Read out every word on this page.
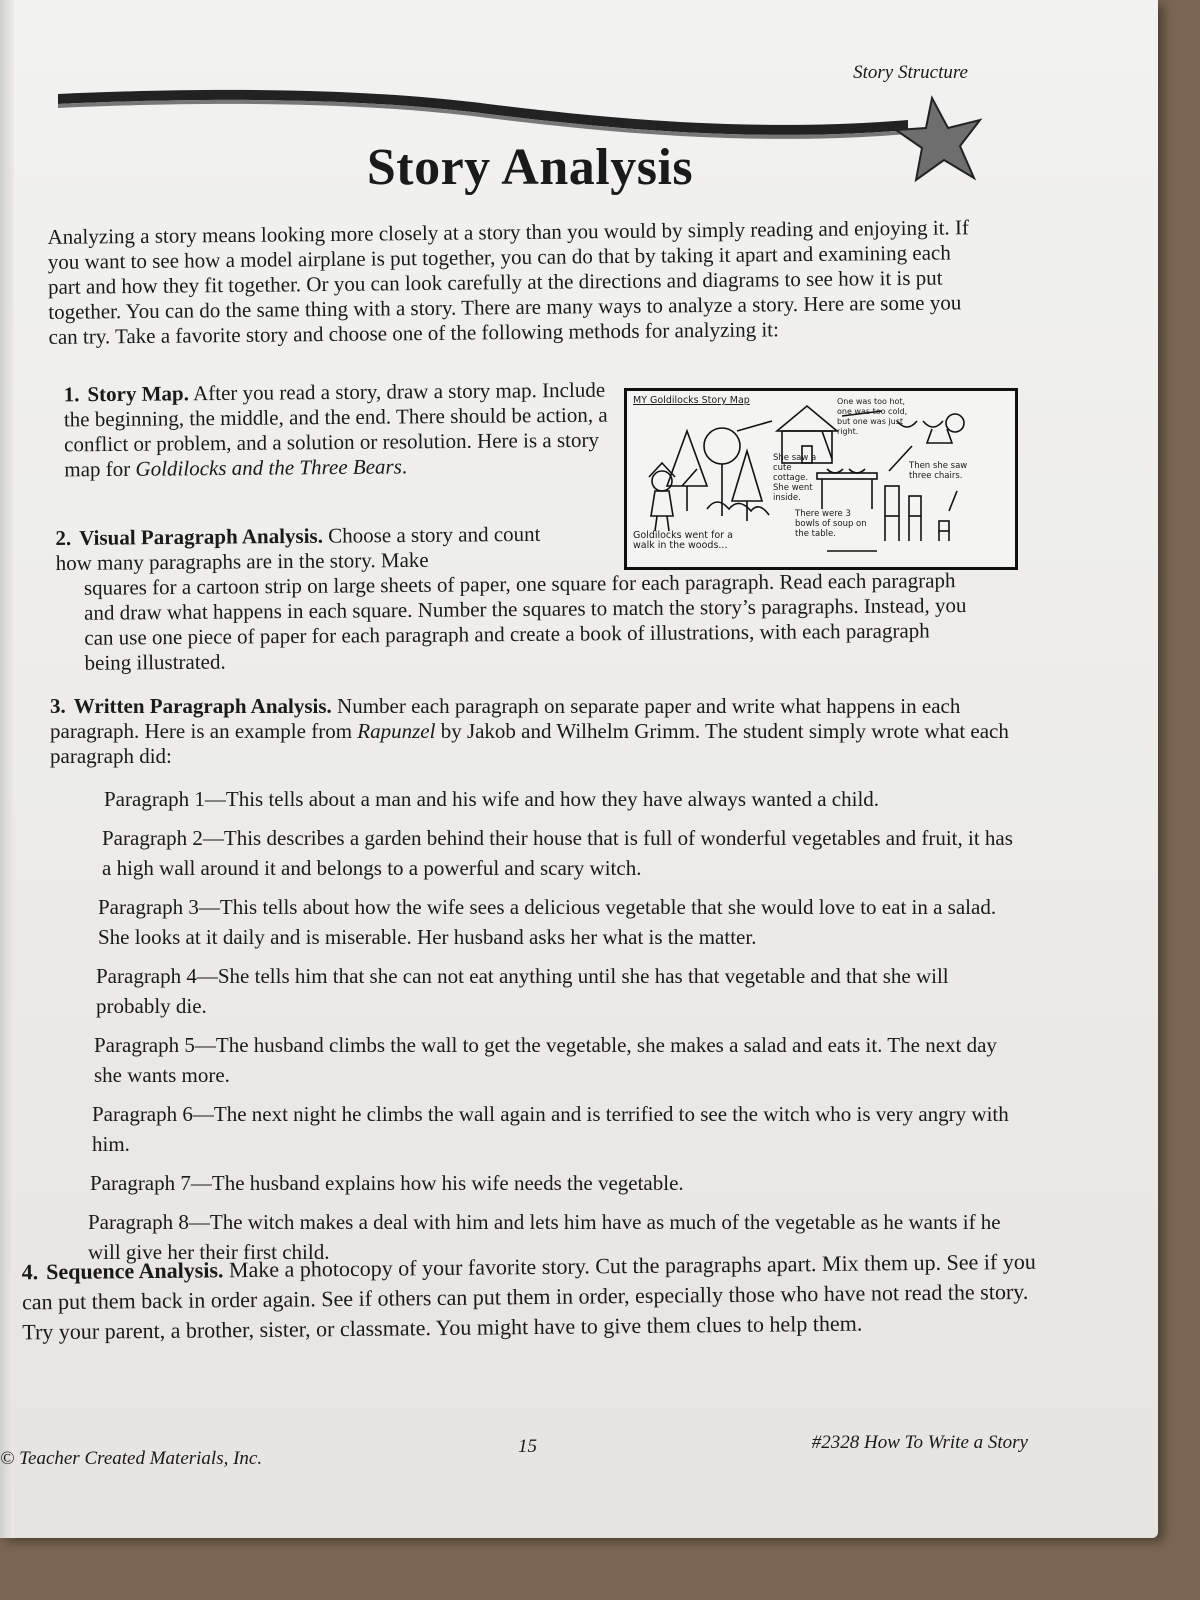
Story Structure
Story Analysis
Analyzing a story means looking more closely at a story than you would by simply reading and enjoying it. If you want to see how a model airplane is put together, you can do that by taking it apart and examining each part and how they fit together. Or you can look carefully at the directions and diagrams to see how it is put together. You can do the same thing with a story. There are many ways to analyze a story. Here are some you can try. Take a favorite story and choose one of the following methods for analyzing it:
1. Story Map. After you read a story, draw a story map. Include the beginning, the middle, and the end. There should be action, a conflict or problem, and a solution or resolution. Here is a story map for Goldilocks and the Three Bears.
MY Goldilocks Story Map
Goldilocks went for a walk in the woods...
She saw a cute cottage. She went inside.
There were 3 bowls of soup on the table.
One was too hot, one was too cold, but one was just right.
Then she saw three chairs.
2. Visual Paragraph Analysis. Choose a story and count how many paragraphs are in the story. Make
squares for a cartoon strip on large sheets of paper, one square for each paragraph. Read each paragraph and draw what happens in each square. Number the squares to match the story’s paragraphs. Instead, you can use one piece of paper for each paragraph and create a book of illustrations, with each paragraph being illustrated.
3. Written Paragraph Analysis. Number each paragraph on separate paper and write what happens in each paragraph. Here is an example from Rapunzel by Jakob and Wilhelm Grimm. The student simply wrote what each paragraph did:
Paragraph 1—This tells about a man and his wife and how they have always wanted a child.
Paragraph 2—This describes a garden behind their house that is full of wonderful vegetables and fruit, it has a high wall around it and belongs to a powerful and scary witch.
Paragraph 3—This tells about how the wife sees a delicious vegetable that she would love to eat in a salad. She looks at it daily and is miserable. Her husband asks her what is the matter.
Paragraph 4—She tells him that she can not eat anything until she has that vegetable and that she will probably die.
Paragraph 5—The husband climbs the wall to get the vegetable, she makes a salad and eats it. The next day she wants more.
Paragraph 6—The next night he climbs the wall again and is terrified to see the witch who is very angry with him.
Paragraph 7—The husband explains how his wife needs the vegetable.
Paragraph 8—The witch makes a deal with him and lets him have as much of the vegetable as he wants if he will give her their first child.
4. Sequence Analysis. Make a photocopy of your favorite story. Cut the paragraphs apart. Mix them up. See if you can put them back in order again. See if others can put them in order, especially those who have not read the story. Try your parent, a brother, sister, or classmate. You might have to give them clues to help them.
© Teacher Created Materials, Inc.
15	#2328 How To Write a Story
